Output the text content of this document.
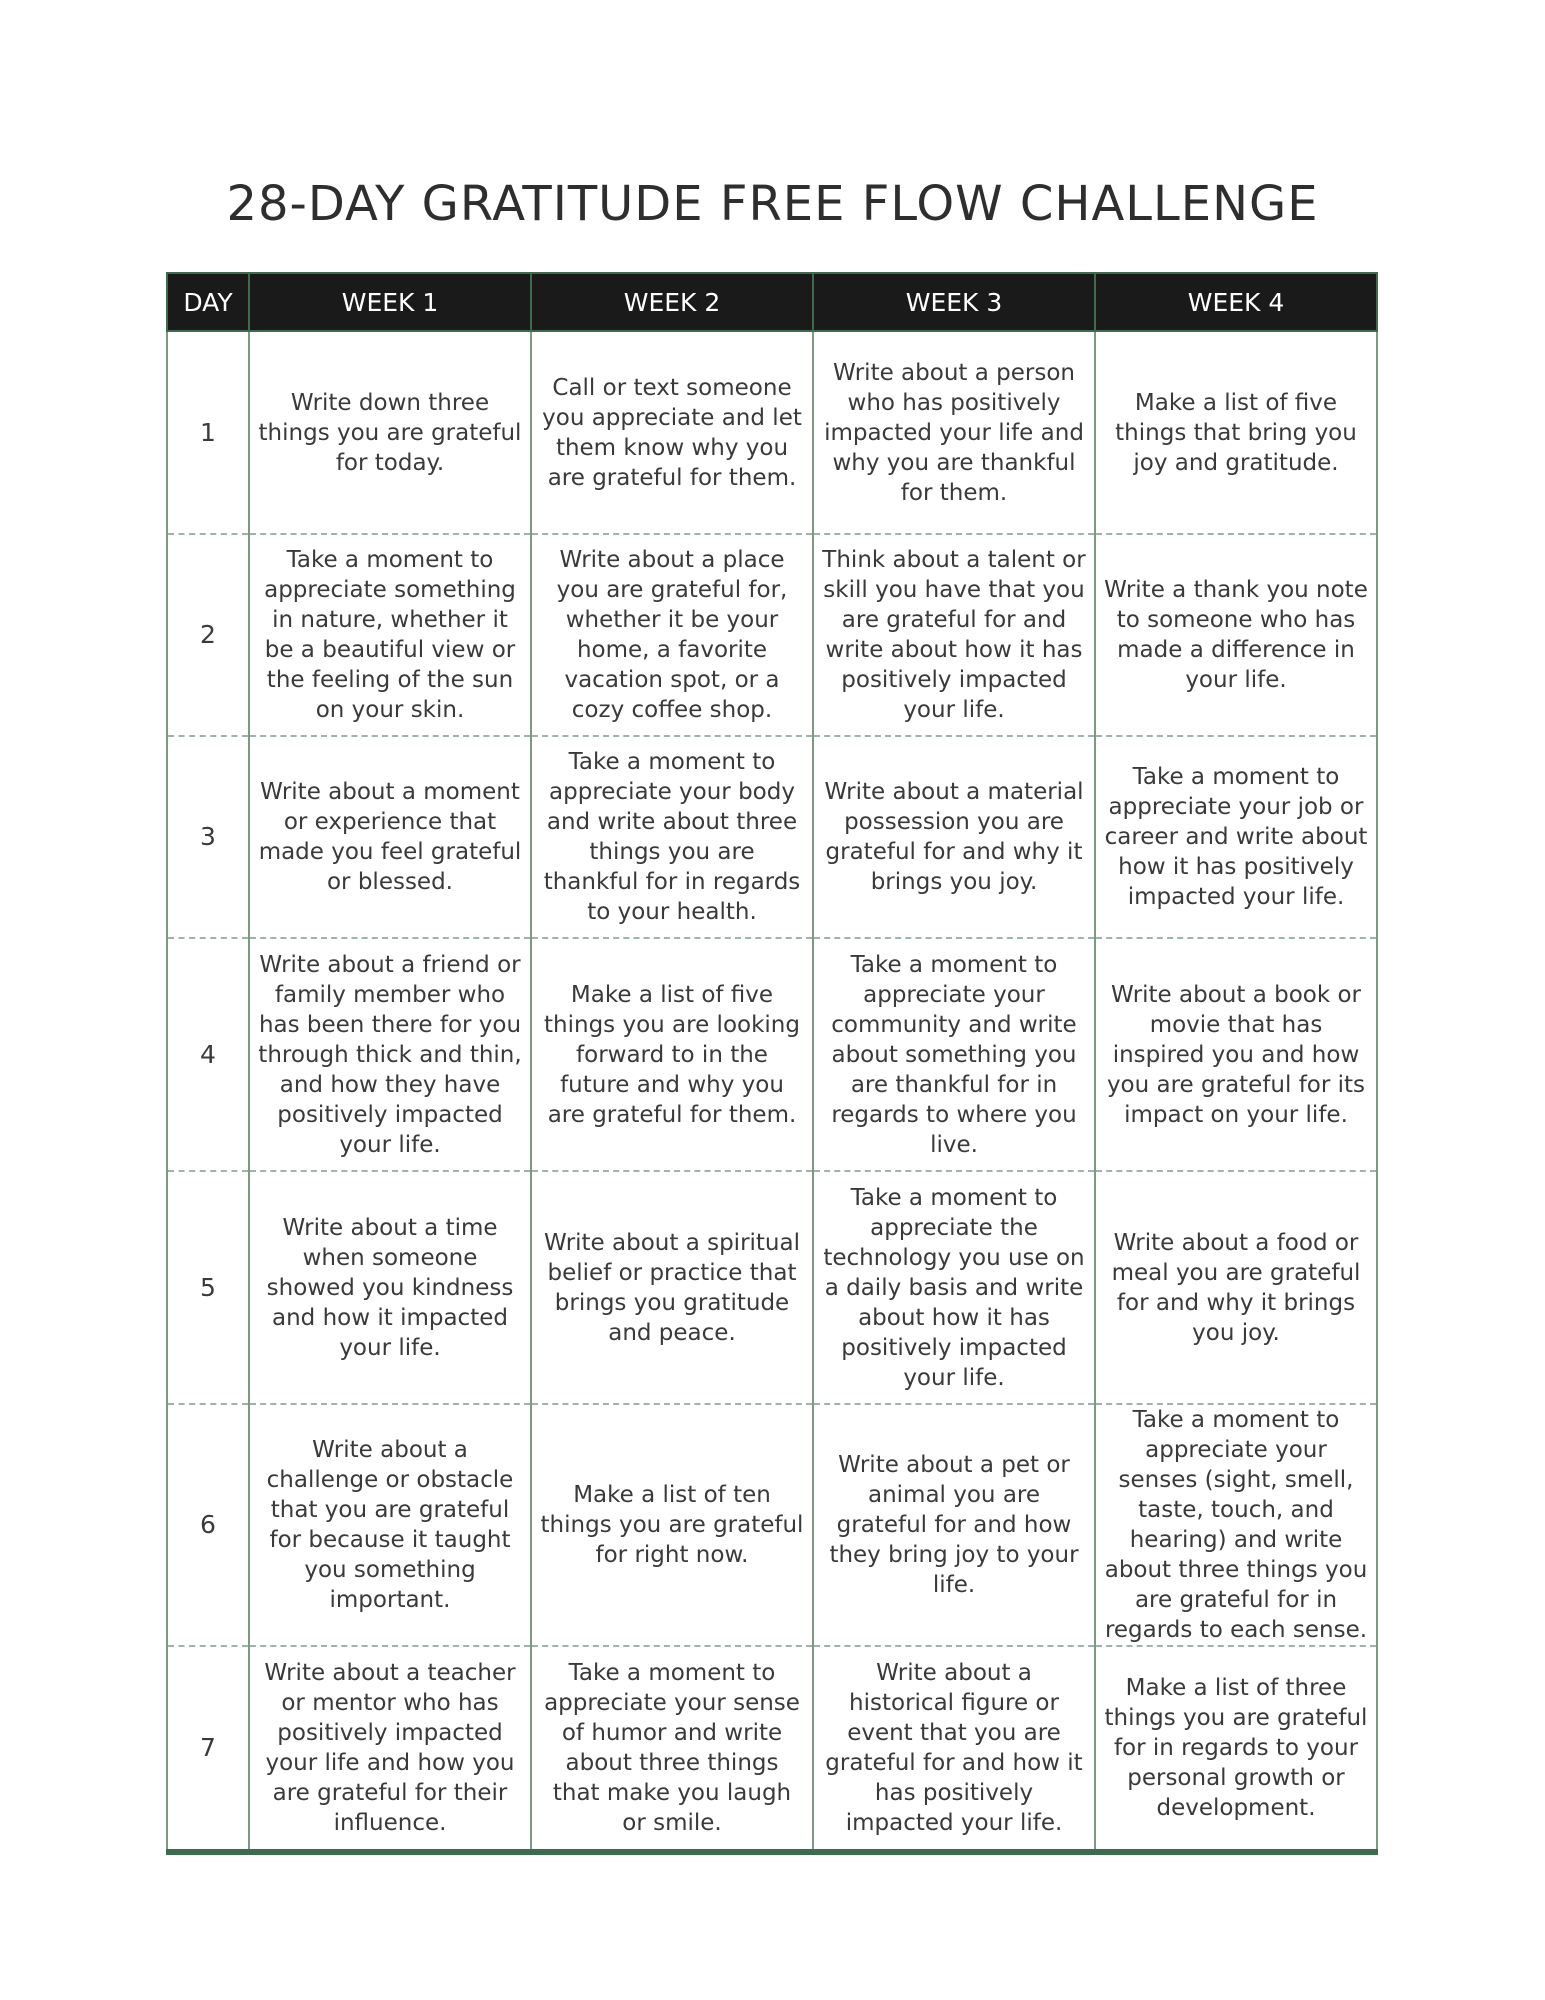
28-DAY GRATITUDE FREE FLOW CHALLENGE
DAY	WEEK 1	WEEK 2	WEEK 3	WEEK 4
1	Write down three things you are grateful for today.	Call or text someone you appreciate and let them know why you are grateful for them.	Write about a person who has positively impacted your life and why you are thankful for them.	Make a list of five things that bring you joy and gratitude.
2	Take a moment to appreciate something in nature, whether it be a beautiful view or the feeling of the sun on your skin.	Write about a place you are grateful for, whether it be your home, a favorite vacation spot, or a cozy coffee shop.	Think about a talent or skill you have that you are grateful for and write about how it has positively impacted your life.	Write a thank you note to someone who has made a difference in your life.
3	Write about a moment or experience that made you feel grateful or blessed.	Take a moment to appreciate your body and write about three things you are thankful for in regards to your health.	Write about a material possession you are grateful for and why it brings you joy.	Take a moment to appreciate your job or career and write about how it has positively impacted your life.
4	Write about a friend or family member who has been there for you through thick and thin, and how they have positively impacted your life.	Make a list of five things you are looking forward to in the future and why you are grateful for them.	Take a moment to appreciate your community and write about something you are thankful for in regards to where you live.	Write about a book or movie that has inspired you and how you are grateful for its impact on your life.
5	Write about a time when someone showed you kindness and how it impacted your life.	Write about a spiritual belief or practice that brings you gratitude and peace.	Take a moment to appreciate the technology you use on a daily basis and write about how it has positively impacted your life.	Write about a food or meal you are grateful for and why it brings you joy.
6	Write about a challenge or obstacle that you are grateful for because it taught you something important.	Make a list of ten things you are grateful for right now.	Write about a pet or animal you are grateful for and how they bring joy to your life.	Take a moment to appreciate your senses (sight, smell, taste, touch, and hearing) and write about three things you are grateful for in regards to each sense.
7	Write about a teacher or mentor who has positively impacted your life and how you are grateful for their influence.	Take a moment to appreciate your sense of humor and write about three things that make you laugh or smile.	Write about a historical figure or event that you are grateful for and how it has positively impacted your life.	Make a list of three things you are grateful for in regards to your personal growth or development.
